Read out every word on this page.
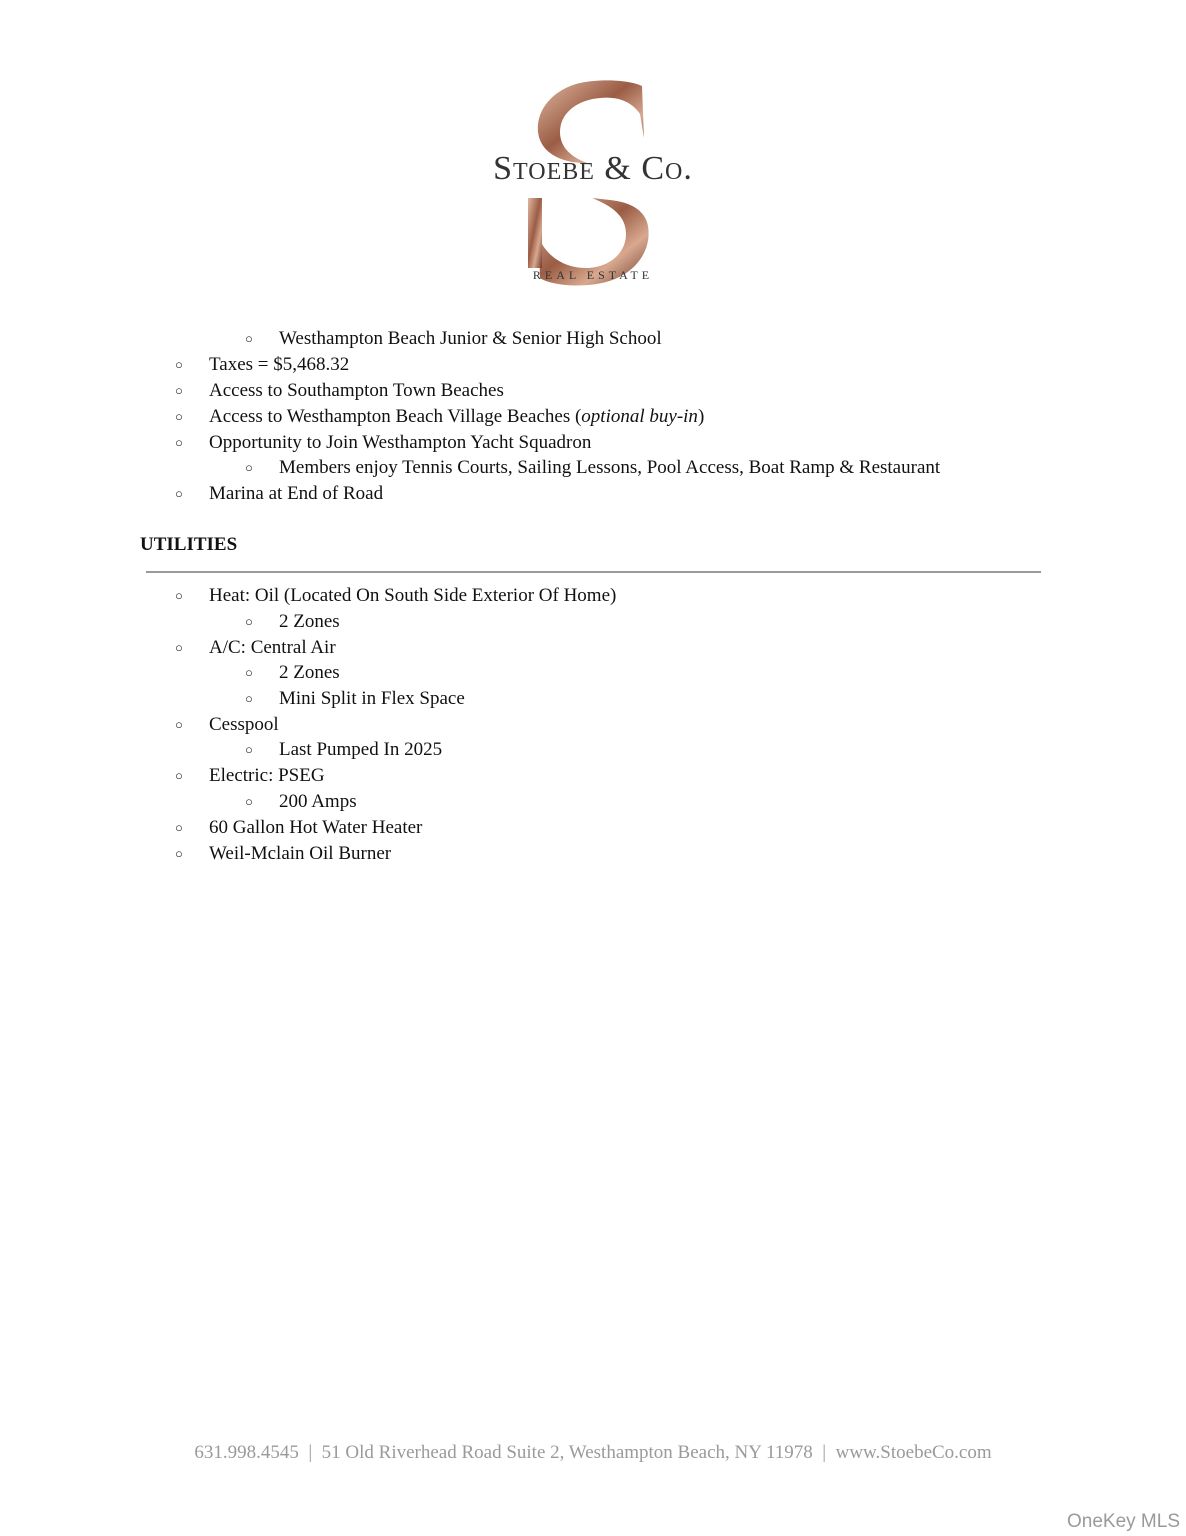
Stoebe & Co.
REAL ESTATE
○ Westhampton Beach Junior & Senior High School
○ Taxes = $5,468.32
○ Access to Southampton Town Beaches
○ Access to Westhampton Beach Village Beaches (optional buy-in)
○ Opportunity to Join Westhampton Yacht Squadron
○ Members enjoy Tennis Courts, Sailing Lessons, Pool Access, Boat Ramp & Restaurant
○ Marina at End of Road
UTILITIES
○ Heat: Oil (Located On South Side Exterior Of Home)
○ 2 Zones
○ A/C: Central Air
○ 2 Zones
○ Mini Split in Flex Space
○ Cesspool
○ Last Pumped In 2025
○ Electric: PSEG
○ 200 Amps
○ 60 Gallon Hot Water Heater
○ Weil-Mclain Oil Burner
631.998.4545  |  51 Old Riverhead Road Suite 2, Westhampton Beach, NY 11978  |  www.StoebeCo.com
OneKey MLS
